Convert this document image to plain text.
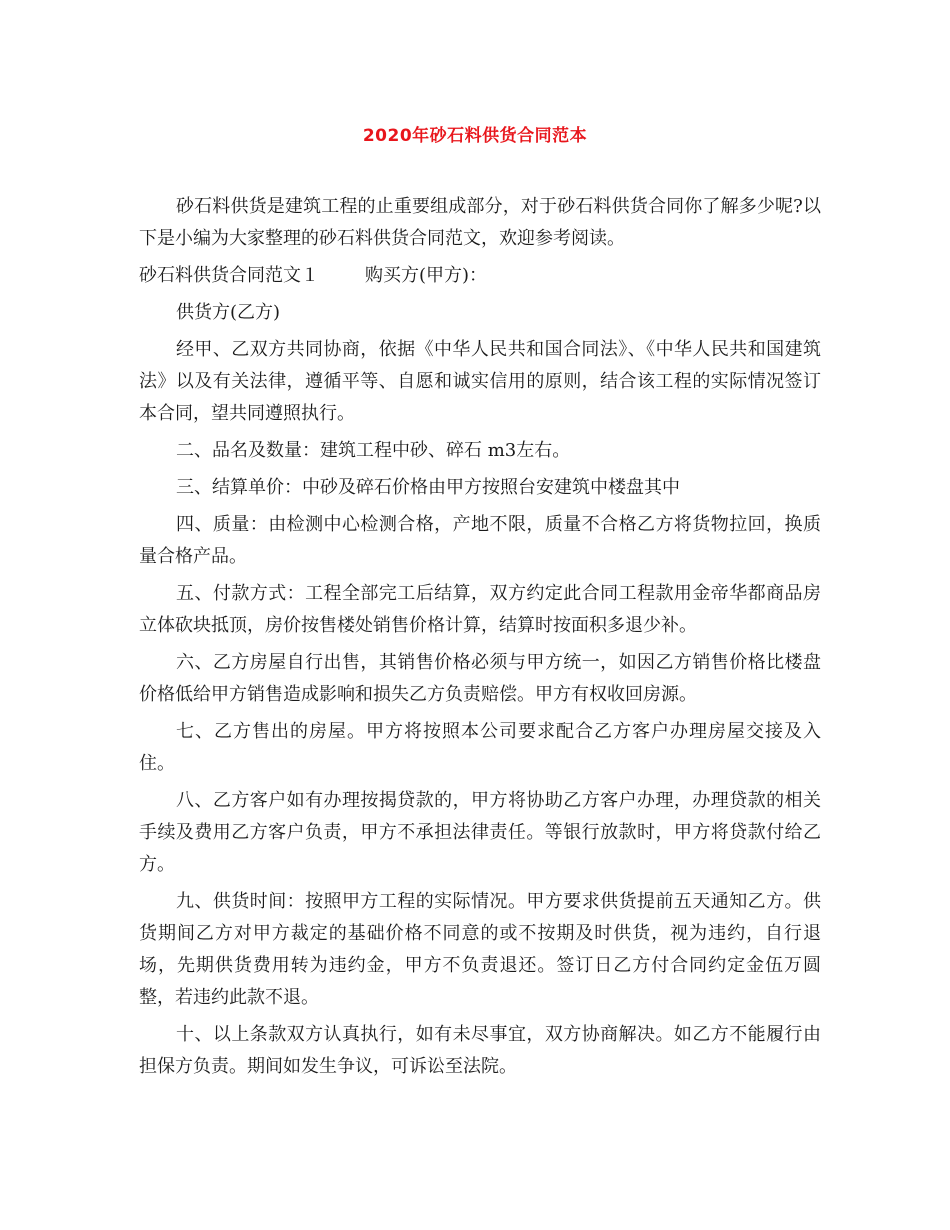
2020年砂石料供货合同范本

砂石料供货是建筑工程的止重要组成部分，对于砂石料供货合同你了解多少呢?以下是小编为大家整理的砂石料供货合同范文，欢迎参考阅读。

砂石料供货合同范文１	购买方(甲方)：

供货方(乙方)

经甲、乙双方共同协商，依据《中华人民共和国合同法》、《中华人民共和国建筑法》以及有关法律，遵循平等、自愿和诚实信用的原则，结合该工程的实际情况签订本合同，望共同遵照执行。

二、品名及数量：建筑工程中砂、碎石 m3左右。

三、结算单价：中砂及碎石价格由甲方按照台安建筑中楼盘其中

四、质量：由检测中心检测合格，产地不限，质量不合格乙方将货物拉回，换质量合格产品。

五、付款方式：工程全部完工后结算，双方约定此合同工程款用金帝华都商品房立体砍块抵顶，房价按售楼处销售价格计算，结算时按面积多退少补。

六、乙方房屋自行出售，其销售价格必须与甲方统一，如因乙方销售价格比楼盘价格低给甲方销售造成影响和损失乙方负责赔偿。甲方有权收回房源。

七、乙方售出的房屋。甲方将按照本公司要求配合乙方客户办理房屋交接及入住。

八、乙方客户如有办理按揭贷款的，甲方将协助乙方客户办理，办理贷款的相关手续及费用乙方客户负责，甲方不承担法律责任。等银行放款时，甲方将贷款付给乙方。

九、供货时间：按照甲方工程的实际情况。甲方要求供货提前五天通知乙方。供货期间乙方对甲方裁定的基础价格不同意的或不按期及时供货，视为违约，自行退场，先期供货费用转为违约金，甲方不负责退还。签订日乙方付合同约定金伍万圆整，若违约此款不退。

十、以上条款双方认真执行，如有未尽事宜，双方协商解决。如乙方不能履行由担保方负责。期间如发生争议，可诉讼至法院。
